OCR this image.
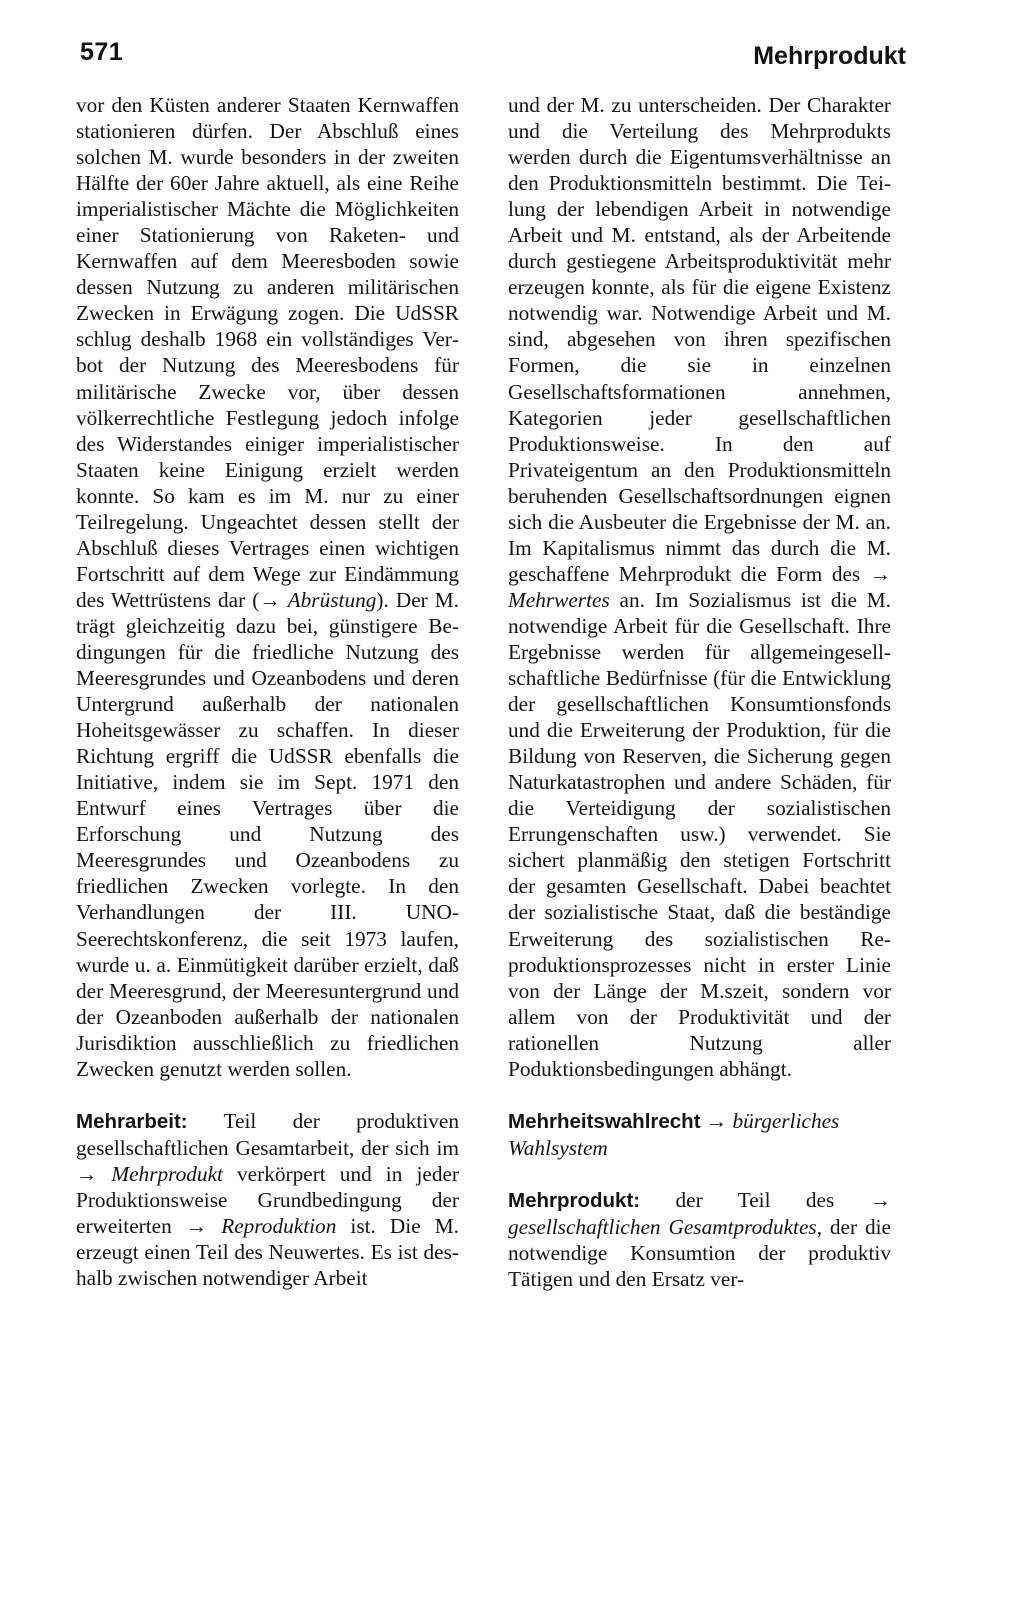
571	Mehrprodukt

vor den Küsten anderer Staaten Kernwaffen stationieren dürfen. Der Abschluß eines solchen M. wurde besonders in der zweiten Hälfte der 60er Jahre aktuell, als eine Reihe imperialistischer Mächte die Möglichkeiten einer Stationierung von Raketen- und Kernwaffen auf dem Meeresboden sowie dessen Nutzung zu anderen militärischen Zwecken in Erwägung zogen. Die UdSSR schlug deshalb 1968 ein vollständiges Verbot der Nutzung des Meeresbodens für militärische Zwecke vor, über dessen völkerrechtliche Festlegung jedoch infolge des Widerstandes einiger imperialistischer Staaten keine Einigung erzielt werden konnte. So kam es im M. nur zu einer Teilregelung. Ungeachtet dessen stellt der Abschluß dieses Vertrages einen wichtigen Fortschritt auf dem Wege zur Eindämmung des Wettrüstens dar (→ Abrüstung). Der M. trägt gleichzeitig dazu bei, günstigere Bedingungen für die friedliche Nutzung des Meeresgrundes und Ozeanbodens und deren Untergrund außerhalb der nationalen Hoheitsgewässer zu schaffen. In dieser Richtung ergriff die UdSSR ebenfalls die Initiative, indem sie im Sept. 1971 den Entwurf eines Vertrages über die Erforschung und Nutzung des Meeresgrundes und Ozeanbodens zu friedlichen Zwecken vorlegte. In den Verhandlungen der III. UNO-Seerechtskonferenz, die seit 1973 laufen, wurde u. a. Einmütigkeit darüber erzielt, daß der Meeresgrund, der Meeresuntergrund und der Ozeanboden außerhalb der nationalen Jurisdiktion ausschließlich zu friedlichen Zwecken genutzt werden sollen.

Mehrarbeit: Teil der produktiven gesellschaftlichen Gesamtarbeit, der sich im → Mehrprodukt verkörpert und in jeder Produktionsweise Grundbedingung der erweiterten → Reproduktion ist. Die M. erzeugt einen Teil des Neuwertes. Es ist deshalb zwischen notwendiger Arbeit

und der M. zu unterscheiden. Der Charakter und die Verteilung des Mehrprodukts werden durch die Eigentumsverhältnisse an den Produktionsmitteln bestimmt. Die Teilung der lebendigen Arbeit in notwendige Arbeit und M. entstand, als der Arbeitende durch gestiegene Arbeitsproduktivität mehr erzeugen konnte, als für die eigene Existenz notwendig war. Notwendige Arbeit und M. sind, abgesehen von ihren spezifischen Formen, die sie in einzelnen Gesellschaftsformationen annehmen, Kategorien jeder gesellschaftlichen Produktionsweise. In den auf Privateigentum an den Produktionsmitteln beruhenden Gesellschaftsordnungen eignen sich die Ausbeuter die Ergebnisse der M. an. Im Kapitalismus nimmt das durch die M. geschaffene Mehrprodukt die Form des → Mehrwertes an. Im Sozialismus ist die M. notwendige Arbeit für die Gesellschaft. Ihre Ergebnisse werden für allgemeingesellschaftliche Bedürfnisse (für die Entwicklung der gesellschaftlichen Konsumtionsfonds und die Erweiterung der Produktion, für die Bildung von Reserven, die Sicherung gegen Naturkatastrophen und andere Schäden, für die Verteidigung der sozialistischen Errungenschaften usw.) verwendet. Sie sichert planmäßig den stetigen Fortschritt der gesamten Gesellschaft. Dabei beachtet der sozialistische Staat, daß die beständige Erweiterung des sozialistischen Reproduktionsprozesses nicht in erster Linie von der Länge der M.szeit, sondern vor allem von der Produktivität und der rationellen Nutzung aller Poduktionsbedingungen abhängt.

Mehrheitswahlrecht → bürgerliches Wahlsystem

Mehrprodukt: der Teil des → gesellschaftlichen Gesamtproduktes, der die notwendige Konsumtion der produktiv Tätigen und den Ersatz ver-
